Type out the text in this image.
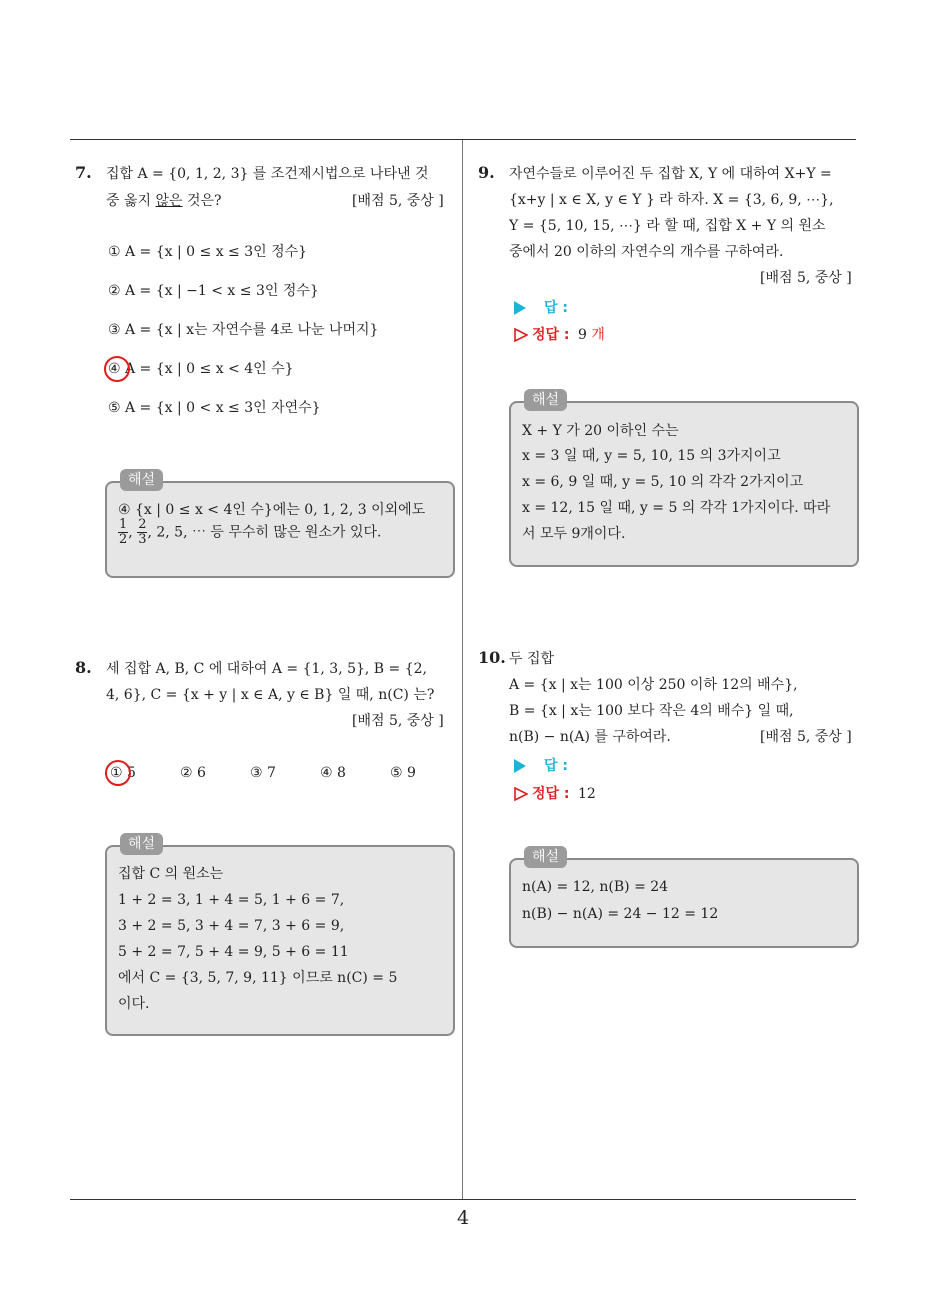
7. 집합 A = {0, 1, 2, 3} 를 조건제시법으로 나타낸 것
중 옳지 않은 것은?	[배점 5, 중상 ]
① A = {x | 0 ≤ x ≤ 3인 정수}
② A = {x | −1 < x ≤ 3인 정수}
③ A = {x | x는 자연수를 4로 나눈 나머지}
④ A = {x | 0 ≤ x < 4인 수}
⑤ A = {x | 0 < x ≤ 3인 자연수}
해설
④ {x | 0 ≤ x < 4인 수}에는 0, 1, 2, 3 이외에도
$\frac{1}{2}$ , $\frac{2}{3}$ , 2, 5, ⋯ 등 무수히 많은 원소가 있다.
8. 세 집합 A, B, C 에 대하여 A = {1, 3, 5}, B = {2,
4, 6}, C = {x + y | x ∈ A, y ∈ B} 일 때, n(C) 는?
[배점 5, 중상 ]
① 5	② 6	③ 7	④ 8	⑤ 9
해설
집합 C 의 원소는
1 + 2 = 3, 1 + 4 = 5, 1 + 6 = 7,
3 + 2 = 5, 3 + 4 = 7, 3 + 6 = 9,
5 + 2 = 7, 5 + 4 = 9, 5 + 6 = 11
에서 C = {3, 5, 7, 9, 11} 이므로 n(C) = 5
이다.
9. 자연수들로 이루어진 두 집합 X, Y 에 대하여 X+Y =
{x+y | x ∈ X, y ∈ Y } 라 하자. X = {3, 6, 9, ⋯},
Y = {5, 10, 15, ⋯} 라 할 때, 집합 X + Y 의 원소
중에서 20 이하의 자연수의 개수를 구하여라.
[배점 5, 중상 ]
답 :
정답 : 9 개
해설
X + Y 가 20 이하인 수는
x = 3 일 때, y = 5, 10, 15 의 3가지이고
x = 6, 9 일 때, y = 5, 10 의 각각 2가지이고
x = 12, 15 일 때, y = 5 의 각각 1가지이다. 따라
서 모두 9개이다.
10. 두 집합
A = {x | x는 100 이상 250 이하 12의 배수},
B = {x | x는 100 보다 작은 4의 배수} 일 때,
n(B) − n(A) 를 구하여라.	[배점 5, 중상 ]
답 :
정답 : 12
해설
n(A) = 12, n(B) = 24
n(B) − n(A) = 24 − 12 = 12
4
